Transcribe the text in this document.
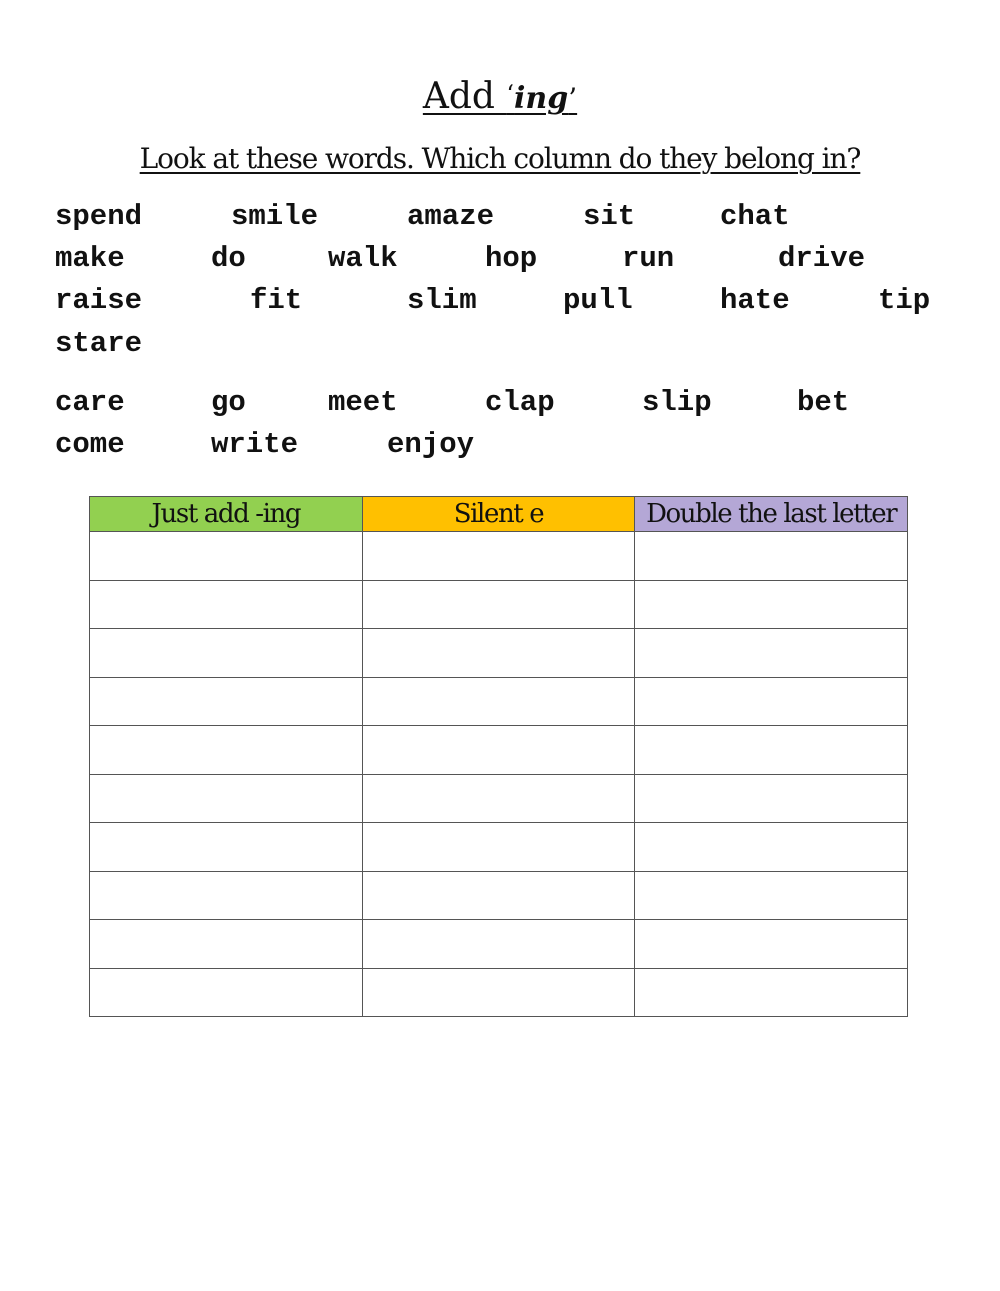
Add ‘ing’
Look at these words. Which column do they belong in?
spend	smile	amaze	sit	chat
make	do	walk	hop	run	drive
raise	fit	slim	pull	hate	tip
stare
care	go	meet	clap	slip	bet
come	write	enjoy
Just add -ing	Silent e	Double the last letter
